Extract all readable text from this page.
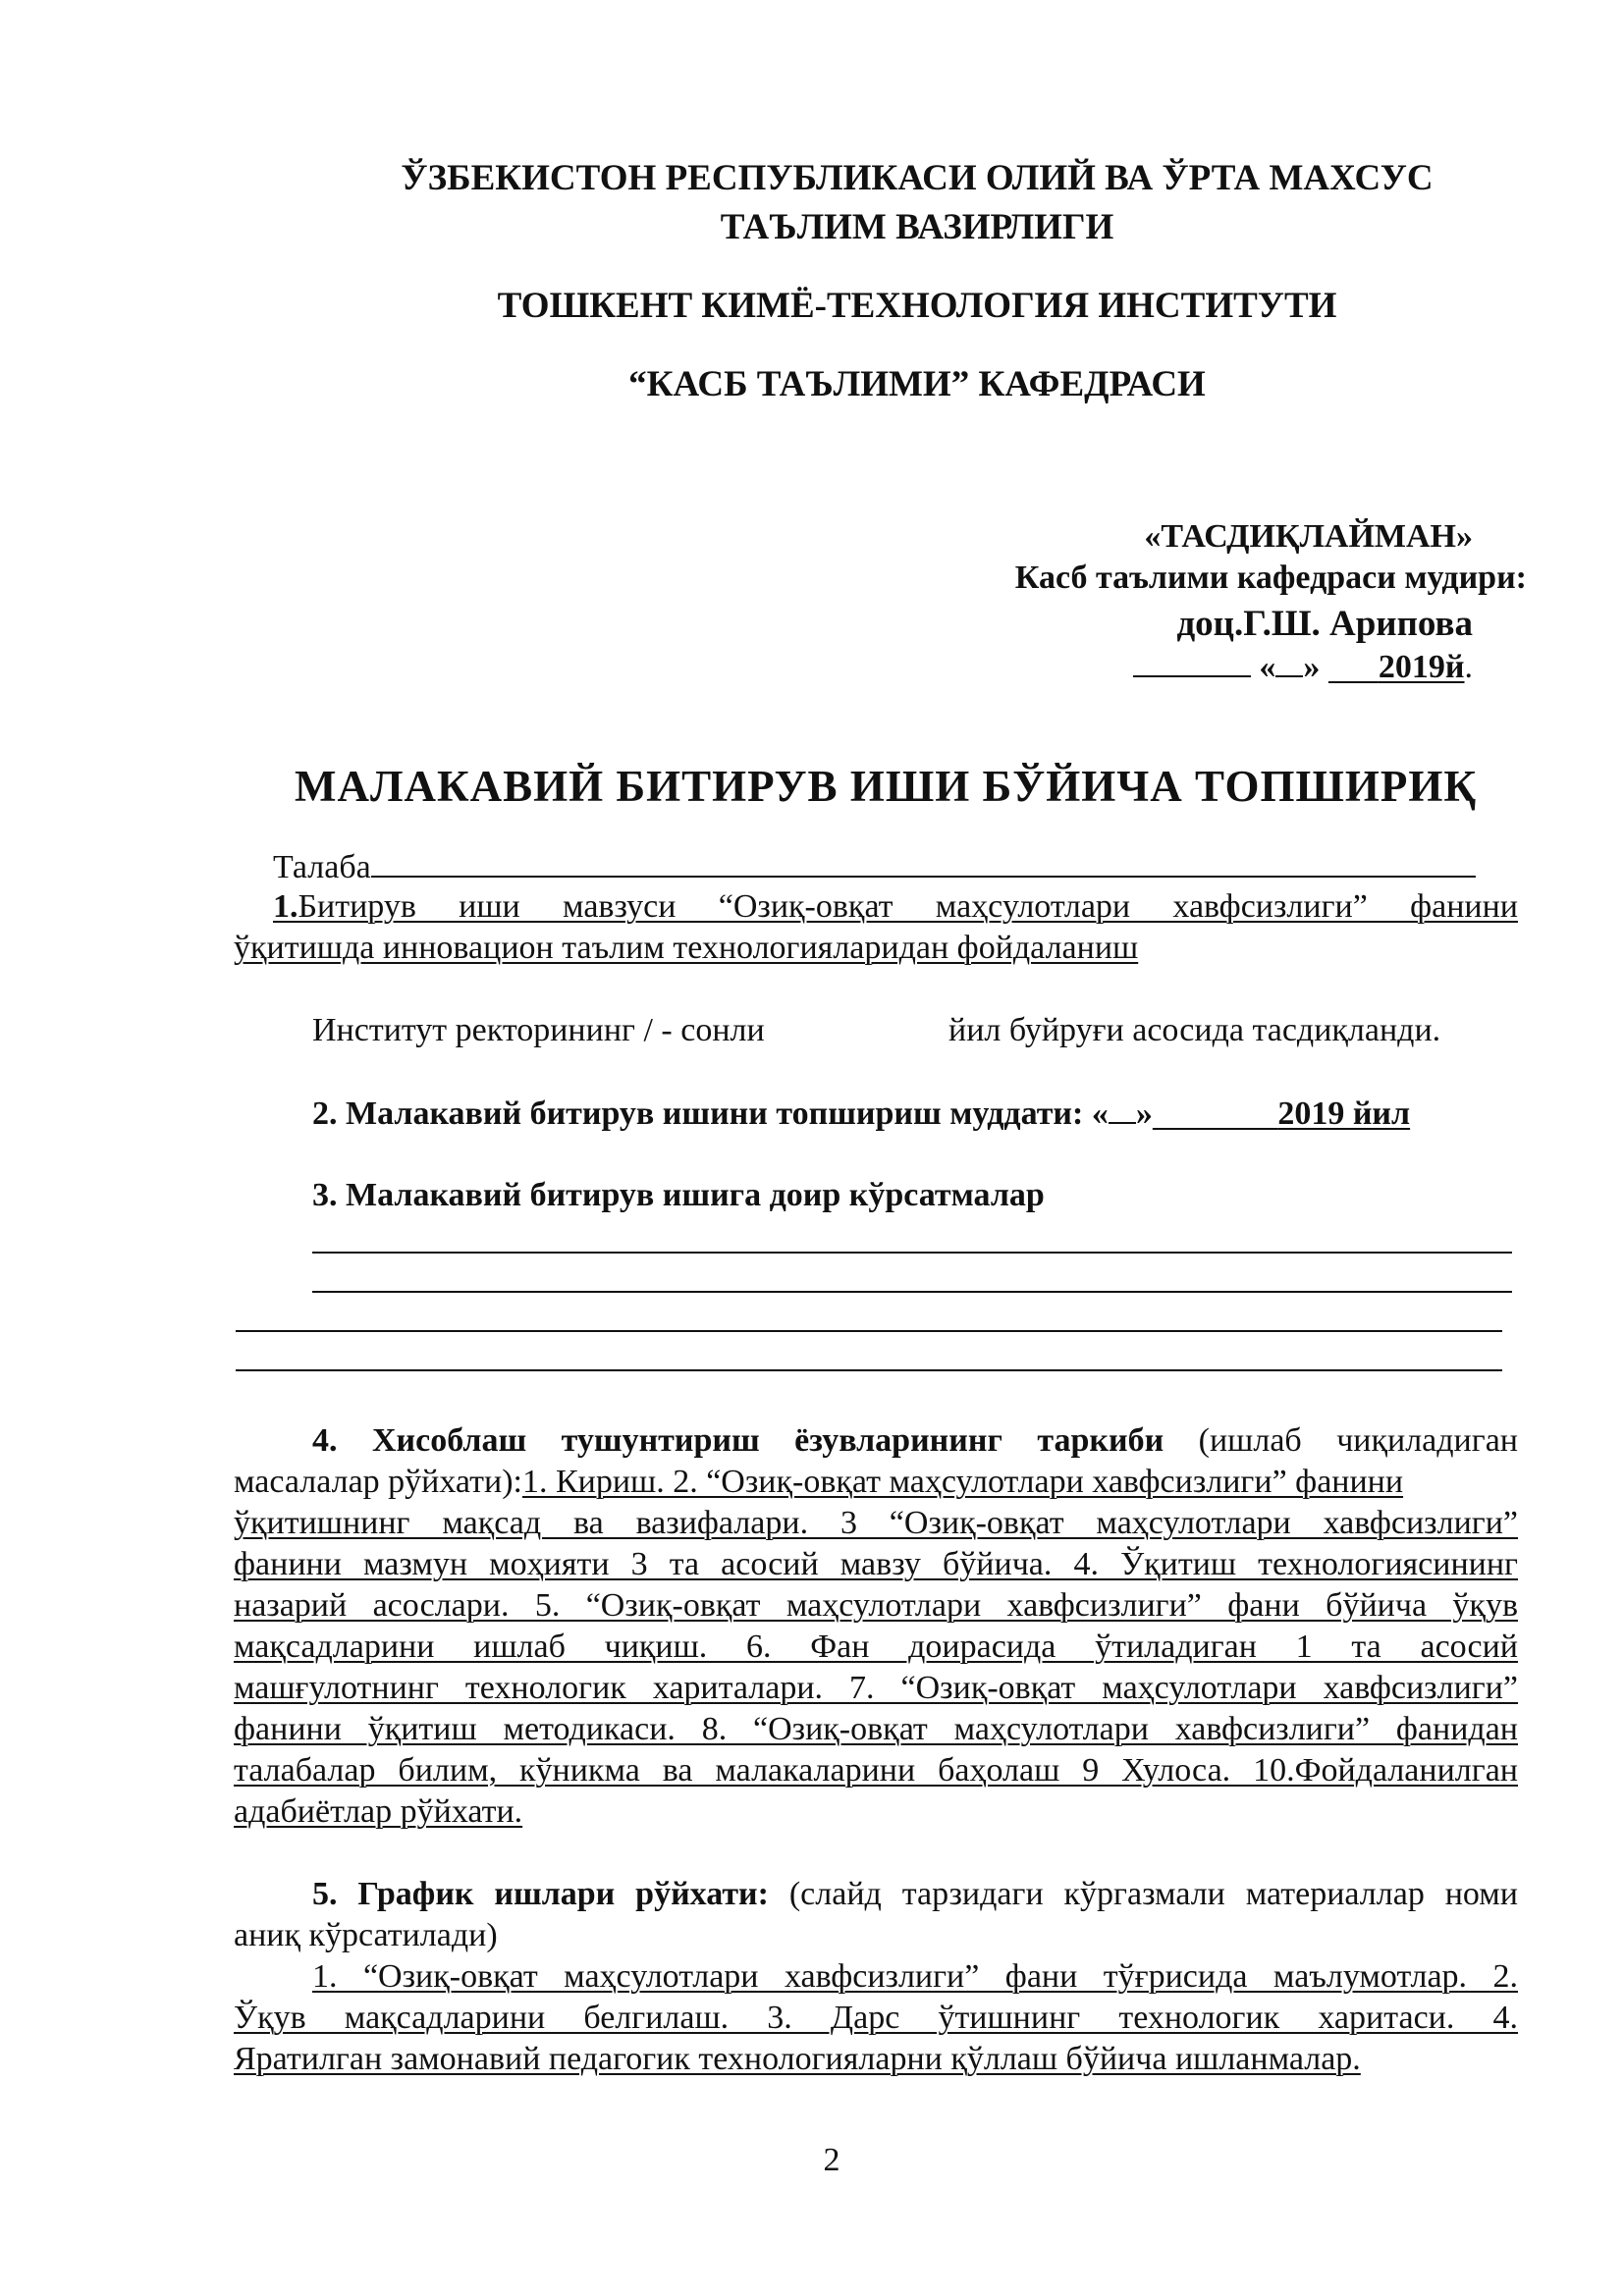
ЎЗБЕКИСТОН РЕСПУБЛИКАСИ ОЛИЙ ВА ЎРТА МАХСУС
ТАЪЛИМ ВАЗИРЛИГИ
ТОШКЕНТ КИМЁ-ТЕХНОЛОГИЯ ИНСТИТУТИ
“КАСБ ТАЪЛИМИ” КАФЕДРАСИ
«ТАСДИҚЛАЙМАН»
Касб таълими кафедраси мудири:
доц.Г.Ш. Арипова
« » 2019й.
МАЛАКАВИЙ БИТИРУВ ИШИ БЎЙИЧА ТОПШИРИҚ
Талаба
1.Битирув иши мавзуси “Озиқ-овқат маҳсулотлари хавфсизлиги” фанини
ўқитишда инновацион таълим технологияларидан фойдаланиш
Институт ректорининг / - сонли	йил буйруғи асосида тасдиқланди.
2. Малакавий битирув ишини топшириш муддати: « »	2019 йил
3. Малакавий битирув ишига доир кўрсатмалар
4. Хисоблаш тушунтириш ёзувларининг таркиби (ишлаб чиқиладиган
масалалар рўйхати):1. Кириш. 2. “Озиқ-овқат маҳсулотлари хавфсизлиги” фанини
ўқитишнинг мақсад ва вазифалари. 3 “Озиқ-овқат маҳсулотлари хавфсизлиги”
фанини мазмун моҳияти 3 та асосий мавзу бўйича. 4. Ўқитиш технологиясининг
назарий асослари. 5. “Озиқ-овқат маҳсулотлари хавфсизлиги” фани бўйича ўқув
мақсадларини ишлаб чиқиш. 6. Фан доирасида ўтиладиган 1 та асосий
машғулотнинг технологик хариталари. 7. “Озиқ-овқат маҳсулотлари хавфсизлиги”
фанини ўқитиш методикаси. 8. “Озиқ-овқат маҳсулотлари хавфсизлиги” фанидан
талабалар билим, кўникма ва малакаларини баҳолаш 9 Хулоса. 10.Фойдаланилган
адабиётлар рўйхати.
5. График ишлари рўйхати: (слайд тарзидаги кўргазмали материаллар номи
аниқ кўрсатилади)
1. “Озиқ-овқат маҳсулотлари хавфсизлиги” фани тўғрисида маълумотлар. 2.
Ўқув мақсадларини белгилаш. 3. Дарс ўтишнинг технологик харитаси. 4.
Яратилган замонавий педагогик технологияларни қўллаш бўйича ишланмалар.
2
